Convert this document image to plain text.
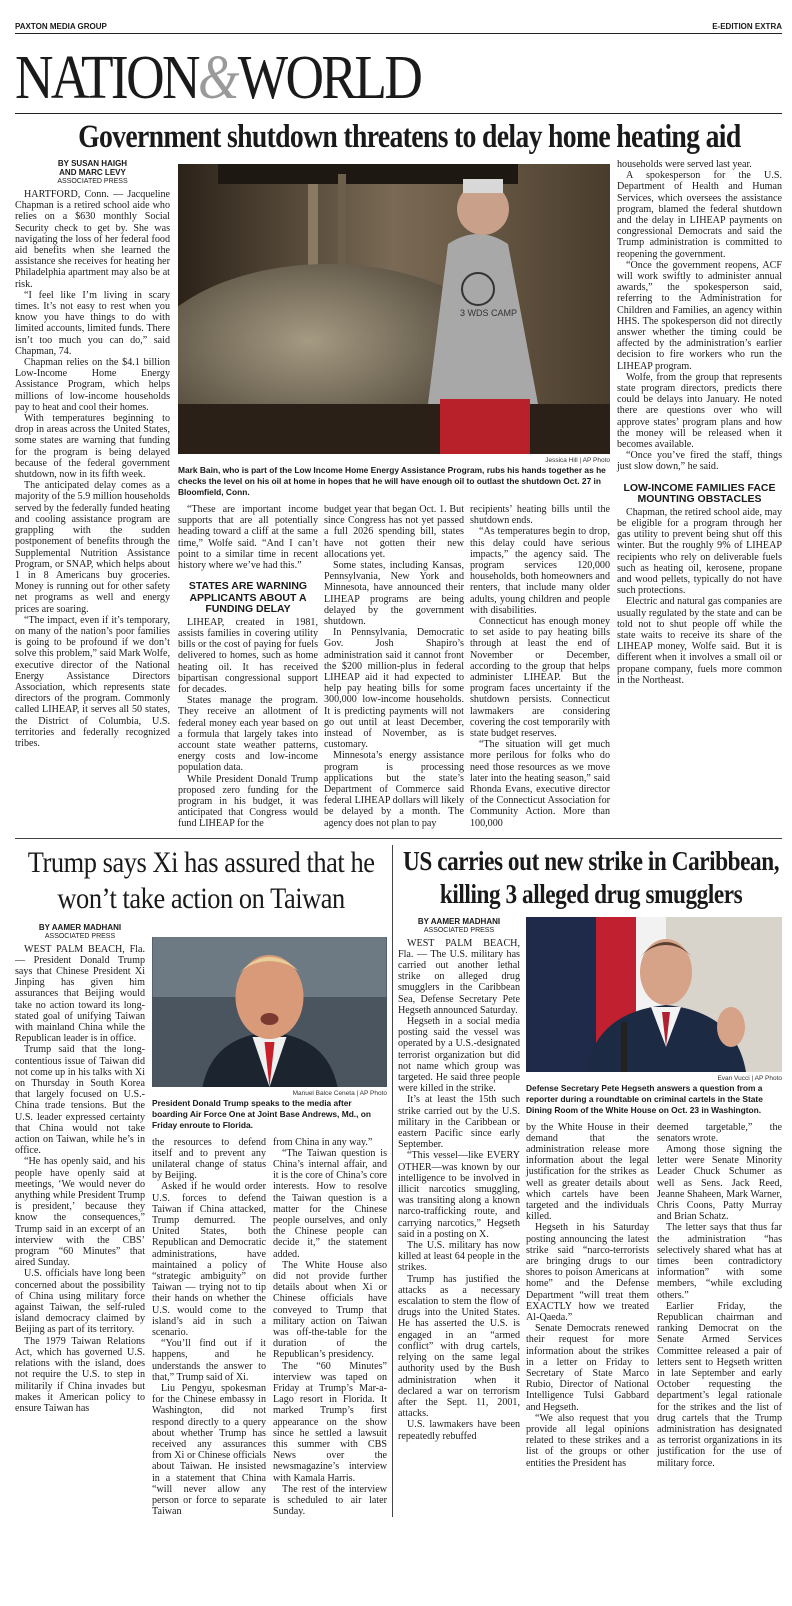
PAXTON MEDIA GROUP	E-EDITION EXTRA
NATION&WORLD
Government shutdown threatens to delay home heating aid
BY SUSAN HAIGH
AND MARC LEVY
ASSOCIATED PRESS

HARTFORD, Conn. — Jacqueline Chapman is a retired school aide who relies on a $630 monthly Social Security check to get by. She was navigating the loss of her federal food aid benefits when she learned the assistance she receives for heating her Philadelphia apartment may also be at risk.

“I feel like I’m living in scary times. It’s not easy to rest when you know you have things to do with limited accounts, limited funds. There isn’t too much you can do,” said Chapman, 74.

Chapman relies on the $4.1 billion Low-Income Home Energy Assistance Program, which helps millions of low-income households pay to heat and cool their homes.

With temperatures beginning to drop in areas across the United States, some states are warning that funding for the program is being delayed because of the federal government shutdown, now in its fifth week.

The anticipated delay comes as a majority of the 5.9 million households served by the federally funded heating and cooling assistance program are grappling with the sudden postponement of benefits through the Supplemental Nutrition Assistance Program, or SNAP, which helps about 1 in 8 Americans buy groceries. Money is running out for other safety net programs as well and energy prices are soaring.

“The impact, even if it’s temporary, on many of the nation’s poor families is going to be profound if we don’t solve this problem,” said Mark Wolfe, executive director of the National Energy Assistance Directors Association, which represents state directors of the program. Commonly called LIHEAP, it serves all 50 states, the District of Columbia, U.S. territories and federally recognized tribes.

3 WDS CAMP
Jessica Hill | AP Photo
Mark Bain, who is part of the Low Income Home Energy Assistance Program, rubs his hands together as he checks the level on his oil at home in hopes that he will have enough oil to outlast the shutdown Oct. 27 in Bloomfield, Conn.

“These are important income supports that are all potentially heading toward a cliff at the same time,” Wolfe said. “And I can’t point to a similar time in recent history where we’ve had this.”

STATES ARE WARNING APPLICANTS ABOUT A FUNDING DELAY

LIHEAP, created in 1981, assists families in covering utility bills or the cost of paying for fuels delivered to homes, such as home heating oil. It has received bipartisan congressional support for decades.

States manage the program. They receive an allotment of federal money each year based on a formula that largely takes into account state weather patterns, energy costs and low-income population data.

While President Donald Trump proposed zero funding for the program in his budget, it was anticipated that Congress would fund LIHEAP for the

budget year that began Oct. 1. But since Congress has not yet passed a full 2026 spending bill, states have not gotten their new allocations yet.

Some states, including Kansas, Pennsylvania, New York and Minnesota, have announced their LIHEAP programs are being delayed by the government shutdown.

In Pennsylvania, Democratic Gov. Josh Shapiro’s administration said it cannot front the $200 million-plus in federal LIHEAP aid it had expected to help pay heating bills for some 300,000 low-income households. It is predicting payments will not go out until at least December, instead of November, as is customary.

Minnesota’s energy assistance program is processing applications but the state’s Department of Commerce said federal LIHEAP dollars will likely be delayed by a month. The agency does not plan to pay

recipients’ heating bills until the shutdown ends.

“As temperatures begin to drop, this delay could have serious impacts,” the agency said. The program services 120,000 households, both homeowners and renters, that include many older adults, young children and people with disabilities.

Connecticut has enough money to set aside to pay heating bills through at least the end of November or December, according to the group that helps administer LIHEAP. But the program faces uncertainty if the shutdown persists. Connecticut lawmakers are considering covering the cost temporarily with state budget reserves.

“The situation will get much more perilous for folks who do need those resources as we move later into the heating season,” said Rhonda Evans, executive director of the Connecticut Association for Community Action. More than 100,000

households were served last year.

A spokesperson for the U.S. Department of Health and Human Services, which oversees the assistance program, blamed the federal shutdown and the delay in LIHEAP payments on congressional Democrats and said the Trump administration is committed to reopening the government.

“Once the government reopens, ACF will work swiftly to administer annual awards,” the spokesperson said, referring to the Administration for Children and Families, an agency within HHS. The spokesperson did not directly answer whether the timing could be affected by the administration’s earlier decision to fire workers who run the LIHEAP program.

Wolfe, from the group that represents state program directors, predicts there could be delays into January. He noted there are questions over who will approve states’ program plans and how the money will be released when it becomes available.

“Once you’ve fired the staff, things just slow down,” he said.

LOW-INCOME FAMILIES FACE MOUNTING OBSTACLES

Chapman, the retired school aide, may be eligible for a program through her gas utility to prevent being shut off this winter. But the roughly 9% of LIHEAP recipients who rely on deliverable fuels such as heating oil, kerosene, propane and wood pellets, typically do not have such protections.

Electric and natural gas companies are usually regulated by the state and can be told not to shut people off while the state waits to receive its share of the LIHEAP money, Wolfe said. But it is different when it involves a small oil or propane company, fuels more common in the Northeast.

Trump says Xi has assured that he won’t take action on Taiwan
BY AAMER MADHANI
ASSOCIATED PRESS

WEST PALM BEACH, Fla. — President Donald Trump says that Chinese President Xi Jinping has given him assurances that Beijing would take no action toward its long-stated goal of unifying Taiwan with mainland China while the Republican leader is in office.

Trump said that the long-contentious issue of Taiwan did not come up in his talks with Xi on Thursday in South Korea that largely focused on U.S.-China trade tensions. But the U.S. leader expressed certainty that China would not take action on Taiwan, while he’s in office.

“He has openly said, and his people have openly said at meetings, ‘We would never do anything while President Trump is president,’ because they know the consequences,” Trump said in an excerpt of an interview with the CBS’ program “60 Minutes” that aired Sunday.

U.S. officials have long been concerned about the possibility of China using military force against Taiwan, the self-ruled island democracy claimed by Beijing as part of its territory.

The 1979 Taiwan Relations Act, which has governed U.S. relations with the island, does not require the U.S. to step in militarily if China invades but makes it American policy to ensure Taiwan has

Manuel Balce Ceneta | AP Photo
President Donald Trump speaks to the media after boarding Air Force One at Joint Base Andrews, Md., on Friday enroute to Florida.

the resources to defend itself and to prevent any unilateral change of status by Beijing.

Asked if he would order U.S. forces to defend Taiwan if China attacked, Trump demurred. The United States, both Republican and Democratic administrations, have maintained a policy of “strategic ambiguity” on Taiwan — trying not to tip their hands on whether the U.S. would come to the island’s aid in such a scenario.

“You’ll find out if it happens, and he understands the answer to that,” Trump said of Xi.

Liu Pengyu, spokesman for the Chinese embassy in Washington, did not respond directly to a query about whether Trump has received any assurances from Xi or Chinese officials about Taiwan. He insisted in a statement that China “will never allow any person or force to separate Taiwan

from China in any way.”

“The Taiwan question is China’s internal affair, and it is the core of China’s core interests. How to resolve the Taiwan question is a matter for the Chinese people ourselves, and only the Chinese people can decide it,” the statement added.

The White House also did not provide further details about when Xi or Chinese officials have conveyed to Trump that military action on Taiwan was off-the-table for the duration of the Republican’s presidency.

The “60 Minutes” interview was taped on Friday at Trump’s Mar-a-Lago resort in Florida. It marked Trump’s first appearance on the show since he settled a lawsuit this summer with CBS News over the newsmagazine’s interview with Kamala Harris.

The rest of the interview is scheduled to air later Sunday.

US carries out new strike in Caribbean, killing 3 alleged drug smugglers
BY AAMER MADHANI
ASSOCIATED PRESS

WEST PALM BEACH, Fla. — The U.S. military has carried out another lethal strike on alleged drug smugglers in the Caribbean Sea, Defense Secretary Pete Hegseth announced Saturday.

Hegseth in a social media posting said the vessel was operated by a U.S.-designated terrorist organization but did not name which group was targeted. He said three people were killed in the strike.

It’s at least the 15th such strike carried out by the U.S. military in the Caribbean or eastern Pacific since early September.

“This vessel—like EVERY OTHER—was known by our intelligence to be involved in illicit narcotics smuggling, was transiting along a known narco-trafficking route, and carrying narcotics,” Hegseth said in a posting on X.

The U.S. military has now killed at least 64 people in the strikes.

Trump has justified the attacks as a necessary escalation to stem the flow of drugs into the United States. He has asserted the U.S. is engaged in an “armed conflict” with drug cartels, relying on the same legal authority used by the Bush administration when it declared a war on terrorism after the Sept. 11, 2001, attacks.

U.S. lawmakers have been repeatedly rebuffed

Evan Vucci | AP Photo
Defense Secretary Pete Hegseth answers a question from a reporter during a roundtable on criminal cartels in the State Dining Room of the White House on Oct. 23 in Washington.

by the White House in their demand that the administration release more information about the legal justification for the strikes as well as greater details about which cartels have been targeted and the individuals killed.

Hegseth in his Saturday posting announcing the latest strike said “narco-terrorists are bringing drugs to our shores to poison Americans at home” and the Defense Department “will treat them EXACTLY how we treated Al-Qaeda.”

Senate Democrats renewed their request for more information about the strikes in a letter on Friday to Secretary of State Marco Rubio, Director of National Intelligence Tulsi Gabbard and Hegseth.

“We also request that you provide all legal opinions related to these strikes and a list of the groups or other entities the President has

deemed targetable,” the senators wrote.

Among those signing the letter were Senate Minority Leader Chuck Schumer as well as Sens. Jack Reed, Jeanne Shaheen, Mark Warner, Chris Coons, Patty Murray and Brian Schatz.

The letter says that thus far the administration “has selectively shared what has at times been contradictory information” with some members, “while excluding others.”

Earlier Friday, the Republican chairman and ranking Democrat on the Senate Armed Services Committee released a pair of letters sent to Hegseth written in late September and early October requesting the department’s legal rationale for the strikes and the list of drug cartels that the Trump administration has designated as terrorist organizations in its justification for the use of military force.
